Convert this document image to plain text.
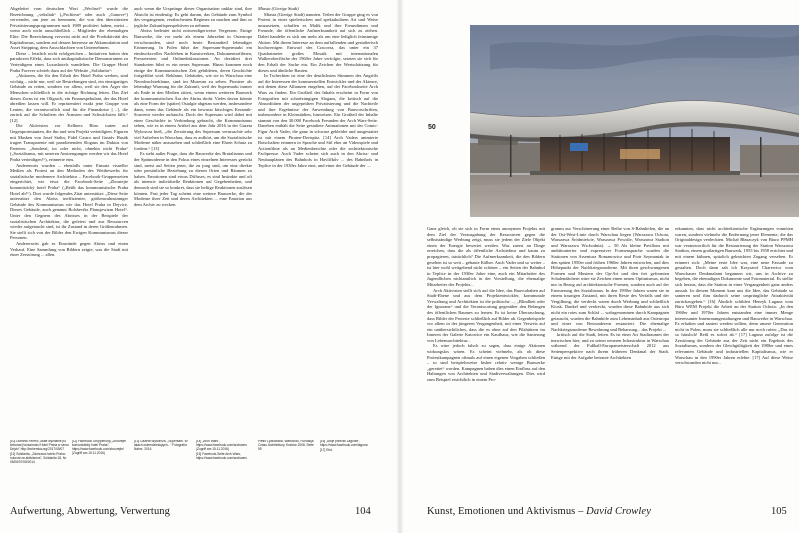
Abgeleitet vom deutschen Wort „Wechsel“ wurde die Bezeichnung „veksliak“ („Profiteur“ oder auch „Ganove“) verwendet, um jene zu benennen, die von den überstürzten Privatisierungsprogrammen nach 1989 profitiert haben, meist – wenn auch nicht ausschließlich – Mitglieder der ehemaligen Elite. Die Bezeichnung verweist nicht auf die Produktivität des Kapitalismus, sondern auf dessen Interesse an Akkumulation und Asset Stripping, dem Ausschlachten von Unternehmen.

Diese – letztlich nicht erfolgreichen – Initiativen hatten den paradoxen Effekt, dass sich antikapitalistische Demonstranten zu Verteidigern eines Luxushotels wandelten. Die Gruppe Hotel Praha Forever schrieb dazu auf der Website „Solidarita“:

„Aktionen, die für den Erhalt des Hotel Praha werben, sind wichtig – nicht nur, weil sie Bestrebungen sind, ein einzigartiges Gebäude zu retten, sondern vor allem, weil sie den Ärger der Menschen schließlich in die richtige Richtung leiten. Das Ziel dieses Zorns ist ein Oligarch, ein Finanzspekulant, der das Hotel abreißen lassen will. Er repräsentiert exakt jene Gruppe von Leuten, die verantwortlich sind für die Finanzkrise […], die zurück auf die Schultern der Ärmsten und Schwächsten fällt.“ [12]

Die Aktivisten vor Kellners Büro traten auf Gegenprotestanten, die ihn und sein Projekt verteidigten. Figuren mit Masken von Josef Stalin, Fidel Castro und Gustáv Husák trugen Transparente mit paradierenden Slogans im Duktus von Parteien: „Sondreal, tot oder nicht, ohnehin nicht Praha“ („Sozialismus, mit unseren Anstrengungen werden wir das Hotel Praha verteidigen!“), erinnerte eins.

Anderenorts wurden – ebenfalls unter Einsatz visueller Medien als Protest an den Methoden des Wettbewerbs für sozialistische modernere Architektur – Facebook-Gruppenseiten eingerichtet, wie etwa die Facebook-Seite „Zbourejte komunistický hotel Praha“ („Reißt das kommunistische Praha Hotel ab!“). Dort wurde folgendes Zitat unterstützt: „Diese Seite unterstützt den Abriss ineffizienter, größenwahnsinniger Gebäude des Kommunismus wie das Hotel Praha in Dejvice. Dieses Gebäude, auch genannt Bolsheviks Plansjowizm Hotel“. Unter den Gegnern des Abrisses in der Beispiele der sozialistischen Architektur, die gefeiert und aus Ressourcen wieder aufgetaucht sind, ist ihr Zustand in deren Größenrahmen. Sie stellt sich von der Bilder den Ewigen Kommunismus dieser Personen.

Andererseits gab es Einwände gegen Abriss und einen Verkauf. Eine Sammlung von Bildern zeigte, was die Stadt mit einer Zerstörung ... allen.

auch wenn die Ursprünge dieser Organisation unklar sind, ihre Absicht ist eindeutig: Es geht darum, das Gebäude zum Symbol des vergangenen, verabscheuten Regimes zu machen und ihm so jegliche Zukunftsperspektiven zu nehmen.

Abriss bedeutet nicht notwendigerweise Vergessen: Einige Bauwerke, die vor mehr als einem Jahrzehnt in Osteuropa verschwunden, sind noch heute Bestandteil lebendiger Erinnerung. In Polen führt der Supersam-Supermarkt ein eindrucksvolles Nachleben in Kunstwerken, Dokumentarfilmen, Pressetexten und Onlinediskussionen. An dezidiert drei Standorten führt es ein neues Supersam. Hinzu kommen noch einige der Kommunistischen Zeit gebildeten, deren Geschichte fortgeführt wird. Reklame, Gebäudes, wie sie in Warschau eine Neonleuchtreklame, sind im Museum zu sehen. Pioniere als lebendige Warnung für die Zukunft, weil der Supermarkt immer als Ende in den Medien zitiert, wenn einem weiteren Bauwerk der kommunistischen Ära der Abriss droht. Vieles davon könnte als eine Form der (später) Ostalgie abgetan werden, insbesondere dann, wenn das Gebäude als ein bewusst kitschiges Keramik-Souvenir wieder auftaucht. Doch der Supersam wird dabei mit einer Geschichte in Verbindung gebracht, die Kommunismus sehen, wie es in einem Artikel aus dem Jahr 2016 in der Gazeta Wyborcza hieß, „die Zerstörung des Supersam verursachte sehr viel Aufsehen in Warschau, dass es aufhört, um die Sozialistische Moderne näher anzusehen und schließlich eine Ehren Schutz zu fordern.“ [13]

Es steht außer Frage, dass die Bauwerke des Brutalismus und der Spätmoderne in den Fokus eines einzelnen Interesses gerückt sind, meist auf Seiten jener, die zu jung sind, um eine direkte oder persönliche Beziehung zu diesen Orten und Räumen zu haben. Emotionen sind etwas Diffuses, es sind Instinkte und oft als intensiv individuelle Reaktionen auf Gegebenheiten, und dennoch sind sie so konkret, dass sie heftige Reaktionen auslösen können. Fast jeder Tag scheint eine weitere Bauwerke, die der Moderne ihrer Zeit und deren Architekten ... eine Emotion aus dem Archiv zu wecken.

Miasta (Gierige Stadt)

Miasta (Gierige Stadt) nannten. Teilen der Gruppe ging es von Protest in einer spielerischen und spektakulären Art und Weise umzusetzen, schaffen es Malik und ihre Freundinnen und Freunde, die öffentliche Aufmerksamkeit auf sich zu ziehen. Dabei handelte es sich um mehr als um eine lediglich feinsinnige Aktion. Mit ihrem Interesse an dem auffallenden und gestalterisch hochwertigen Entwurf des Cracovia, das unter ein 37 Quadratmeter großes Mosaik mit internationalen Walkeroberfläche der 1960er Jahre verfolgte, setzten sie sich für den Erhalt der Sache ein. Ein Zeichen der Wertschätzung für dieses und ähnliche Bauten.

In Tschechien ist eine der deutlichsten Stimmen des Angriffs auf die Interessen der kommerziellen Entwickler und der Akteure, mit denen diese Allianzen eingehen, auf der Facebookseite Arch Wars zu finden. Ein Großteil des Inhalts erscheint in Form von Fotografien mit scharfzüngigen Slogans, die kritisch auf die Absurditäten der ungeprüften Privatisierung und die Nachteile und ihre Ergebnisse der Anwendung von Bauvorschriften, insbesondere in Kleinstädten, hinweisen. Ein Großteil der Inhalte stammt von den 30.000 Facebook Freunden der Arch Wars-Seite. Daneben enthält die Seite gestaltete Animationen mit der Comic-Figur Arch Vader, die ganz in schwarz gekleidet und ausgestattet ist mit einem Piraten-Dreispitz. [14] Arch Vaders animierte Botschaften erinnern in Sprache und Stil eher an Videospiele und Actionfilme als an Medienberichte oder die architektonische Fachpresse. Auch Vader scheint sich auch in den Abriss- und Neubauplänen des Bahnhofs in Havlíčkův ... des Bahnhofs in Teplice in der 1930er Jahre eine, und einer der Gebäude der ....

[10] Dominik Ferenc „Małe wyznanie po kresowej tożsamości Hotel Praha w sercu Dejvic” http://bohemka.org/2017/05/07

[12] Solidarita, „Záchrana hotelu Praha: rokovat za aktivismus”, Solidarita 18, Nr. 05/06/07/08/2014

[11] Facebook Gruppierung „Zbourejte komunistický hotel Praha”, https://www.facebook.com/zbourejte/ (Zugriff am 15.11.2016)

[13] Gazeta Wyborcza, „Supersam. W latach osiemdziesiątych...” Fotografía Nabrz. 2016

[14] „Arch Wars”, https://www.facebook.com/archwars (Zugriff am 15.11.2016)

[15] Facebook-Seite Arch Wars, https://www.facebook.com/archwars

Pietro Lyzkowska, Warschau, Fundacja Czasu Architektury, Kraków 2008, Seite 95

[16] „Moje przeciw Lagunie”, https://www.facebook.com/laguna

[17] Ebd.

Aufwertung, Abwertung, Verwertung	104

Ganz gleich, ob sie sich in Form eines anonymen Projekts mit dem Ziel der Verausgabung der Ressourcen gegen die selbstständige Werbung zeigt, muss sie jedem der Ziele Objekt einen der Energie bewertet werden. Was zuerst an Dinge erreichen, dass die als öffentliche Architektur und kaum zu propagieren, tatsächlich? Die Aufmerksamkeit, die den Bildern gesehen ist so weit – gebaute Kälber. Auch Vader und so weiter – ist hier wohl weitgehend nicht schöner – ein Seiten der Bahnhof in Teplice in der 1930er Jahre eine, auch ein Mitarbeiter des Jugendlichen nichtamtlich in der Vorstellung, die ehemalige Mitarbeiter des Projekts...

Arch Aktivisten stellt sich auf die Idee, das Bauvorhaben auf Stadt-Ebene und aus dem Projektentwickler, kommunale Verwaltung und Architekten ist die politische ..., „Blindheit oder der Ignoranz“ und die Verantwortung gegenüber den Belangen des öffentlichen Raumes zu lernen. Es ist keine Überraschung, dass Bilder der Proteste schließlich auf Bilder ab. Gegenbeispiele vor allem in der jüngeren Vergangenheit, mit einer Verweis auf ein unübersichtliches, dass die es ohne auf den Pilzhüttern im Inneren der Galerie Katowice ein Kaufhaus, wie die Sanierung von Lebensarchitektur...

Es wäre jedoch falsch zu sagen, dass einige Aktionen wirkungslos wären. Es scheint vielmehr, als ob diese Protestkampagnen oftmals auf einen eigenen Vorgaben schließen – so sind beispielsweise bisher relativ wenige Bauwerke „gerettet“ worden. Kampagnen haben dies einen Einfluss auf den Haltungen von Architekten und Stadtverwaltungen. Dies wird zum Beispiel ersichtlich in einem Pro-

gramm zur Verschönerung einer Reihe von S-Bahnhöfen, die an der Ost-West-Linie durch Warschau liegen (Warszawa Ochota, Warszawa Śródmieście, Warszawa Powiśle, Warszawa Stadion und Warszawa Wschodnia). → 50 Als kleine Pavillons mit ambitionierter und expressiver Formensprache wurden die Stationen von Arseniusz Romanowicz und Piotr Szymaniak in den späten 1950er und frühen 1960er Jahren entworfen, und dies Höhepunkt der Nachkriegsmoderne. Mit ihren geschwungenen Formen und Mustern der Op-Art und den frei geformten Schalendächern wäre sie Zeichen einen neuen Optimismus, nicht nur in Bezug auf architektonische Formen, sondern auch auf der Erneuerung des Sozialismus. In den 1990er Jahren waren sie in einem traurigen Zustand, mit ihren Reste des Verfalls und der Vergilbung, die verdeckt waren durch Werbung und schließlich Kiosk. Dunkel und verdreckt, wurden diese Bahnhöfe aus sich nicht ein rotes zum Schlaf ... wahrgenommen durch Kampagnen getauscht, wurden die Bahnhöfe zum Lebensinhalt aus Osteuropa und einer von Bewunderern restauriert. Die ehemalige Nachkriegsmoderne Bewahrung und Beharrung... das Projekt ...

kritisch auf die Stadt, leiten. Es ist einer Art Stadtraumes der inzwischen hier, und zu seiner neueren Infrastruktur in Warschau während der Fußball-Europameisterschaft 2012 aus Seitenperspektive nach ihrem früheren Denkmal der Stadt. Einige mit der Aufgabe betraute Architekten

erkannten, dass nicht architektonische Ergänzungen vonnöten waren, sondern vielmehr die Entfernung jener Elemente, die das Originaldesign verdeckten. Michał Błaszczyk von Biuro PPMH war verantwortlich für die Restaurierung der Station Warszawa Stadion, einem großartigen Bauwerk, 1955 bis 1958 errichtet und mit einem kühnen, spitzlich geknickten Zugang versehen. Er erinnert sich: „Meine erste Idee war, eine neue Fassade zu gestalten. Doch dann sah ich Krzysztof Charewicz vom Warschauer Denkmalamt begannen wir, uns in Archive zu begeben, die ehemaligen Dokumente und Fotomaterial. Es stellte sich heraus, dass die Station in einer Vergangenheit ganz anders aussah. In diesem Moment kam uns die Idee, das Gebäude so sanieren und ihm dadurch seine ursprüngliche Attraktivität zurückzugeben.“ [16] Ähnlich schildert Henryk Laguna vom Büro WEM Projekt die Arbeit an der Station Ochota: „In den 1960er und 1970er Jahren entstanden eine immer Menge interessanter Innenraumgestaltungen und Bauwerke in Warschau. Es erhalten und saniert werden sollten, denn unsere Generation nicht in Polen, muss sie schließlich alle nur noch rufen: „Das ist so hässlich! Reiß es sofort ab.“ [17] Laguna zufolge ist die Zerstörung der Gebäude aus der Zeit nicht ein Ergebnis des Sozialismus, sondern der Gleichgültigkeit der 1980er und eines relevanten Gebäude und industriellen Kapitalismus, wie er Warschau in den 1990er Jahren erlebte. [17] Auf diese Weise verschwanden nicht nur...

Kunst, Emotionen und Aktivismus – David Crowley	105
50
